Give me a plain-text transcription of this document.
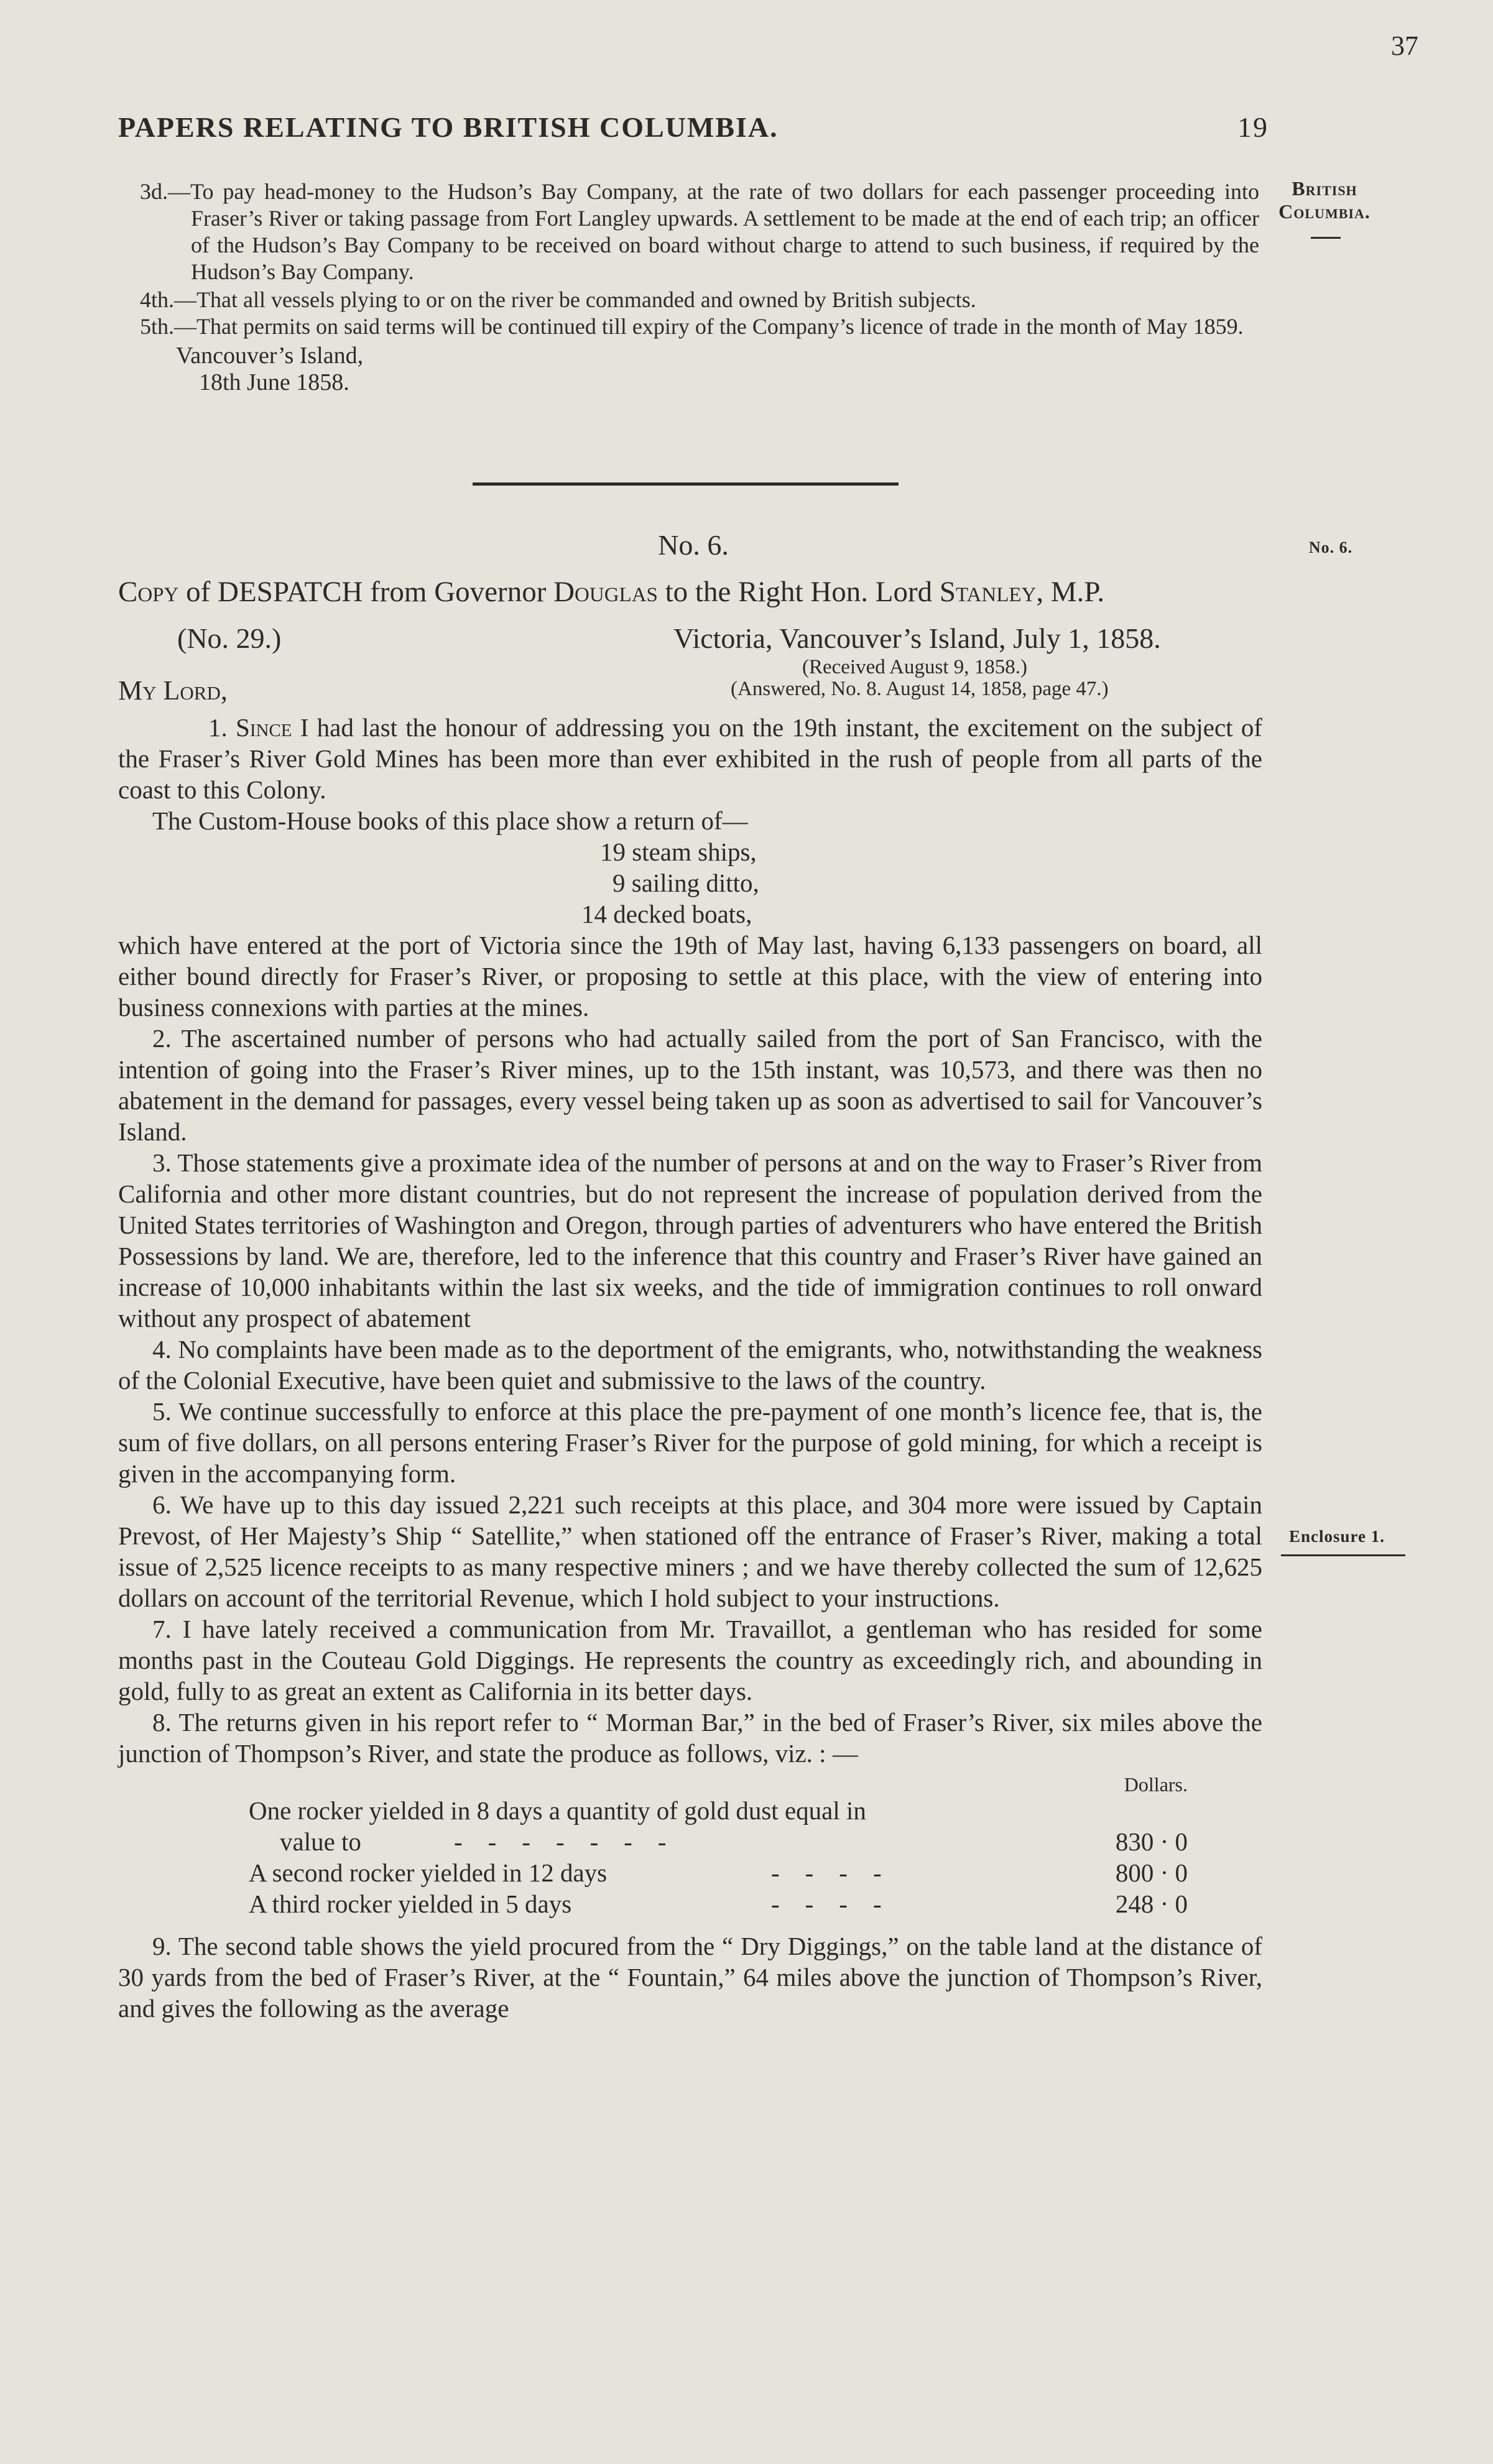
37
PAPERS RELATING TO BRITISH COLUMBIA.	19
British
Columbia.

3d.—To pay head-money to the Hudson’s Bay Company, at the rate of two dollars for each passenger proceeding into Fraser’s River or taking passage from Fort Langley upwards. A settlement to be made at the end of each trip; an officer of the Hudson’s Bay Company to be received on board without charge to attend to such business, if required by the Hudson’s Bay Company.

4th.—That all vessels plying to or on the river be commanded and owned by British subjects.

5th.—That permits on said terms will be continued till expiry of the Company’s licence of trade in the month of May 1859.

Vancouver’s Island,

18th June 1858.

No. 6.	No. 6.
Copy of DESPATCH from Governor Douglas to the Right Hon. Lord Stanley, M.P.
(No. 29.)	Victoria, Vancouver’s Island, July 1, 1858.
(Received August 9, 1858.)
My Lord,	(Answered, No. 8. August 14, 1858, page 47.)

1. Since I had last the honour of addressing you on the 19th instant, the excitement on the subject of the Fraser’s River Gold Mines has been more than ever exhibited in the rush of people from all parts of the coast to this Colony.

The Custom-House books of this place show a return of—

19 steam ships,

9 sailing ditto,

14 decked boats,

which have entered at the port of Victoria since the 19th of May last, having 6,133 passengers on board, all either bound directly for Fraser’s River, or proposing to settle at this place, with the view of entering into business connexions with parties at the mines.

2. The ascertained number of persons who had actually sailed from the port of San Francisco, with the intention of going into the Fraser’s River mines, up to the 15th instant, was 10,573, and there was then no abatement in the demand for passages, every vessel being taken up as soon as advertised to sail for Vancouver’s Island.

3. Those statements give a proximate idea of the number of persons at and on the way to Fraser’s River from California and other more distant countries, but do not represent the increase of population derived from the United States territories of Washington and Oregon, through parties of adventurers who have entered the British Possessions by land. We are, therefore, led to the inference that this country and Fraser’s River have gained an increase of 10,000 inhabitants within the last six weeks, and the tide of immigration continues to roll onward without any prospect of abatement

4. No complaints have been made as to the deportment of the emigrants, who, notwithstanding the weakness of the Colonial Executive, have been quiet and submissive to the laws of the country.

5. We continue successfully to enforce at this place the pre-payment of one month’s licence fee, that is, the sum of five dollars, on all persons entering Fraser’s River for the purpose of gold mining, for which a receipt is given in the accompanying form.

6. We have up to this day issued 2,221 such receipts at this place, and 304 more were issued by Captain Prevost, of Her Majesty’s Ship “ Satellite,” when stationed off the entrance of Fraser’s River, making a total issue of 2,525 licence receipts to as many respective miners ; and we have thereby collected the sum of 12,625 dollars on account of the territorial Revenue, which I hold subject to your instructions.

7. I have lately received a communication from Mr. Travaillot, a gentleman who has resided for some months past in the Couteau Gold Diggings. He represents the country as exceedingly rich, and abounding in gold, fully to as great an extent as California in its better days.

8. The returns given in his report refer to “ Morman Bar,” in the bed of Fraser’s River, six miles above the junction of Thompson’s River, and state the produce as follows, viz. : —

Dollars.
One rocker yielded in 8 days a quantity of gold dust equal in
value to	-    -    -    -    -    -    -	830 · 0
A second rocker yielded in 12 days	-    -    -    -	800 · 0
A third rocker yielded in 5 days	-    -    -    -	248 · 0

9. The second table shows the yield procured from the “ Dry Diggings,” on the table land at the distance of 30 yards from the bed of Fraser’s River, at the “ Fountain,” 64 miles above the junction of Thompson’s River, and gives the following as the average

Enclosure 1.
